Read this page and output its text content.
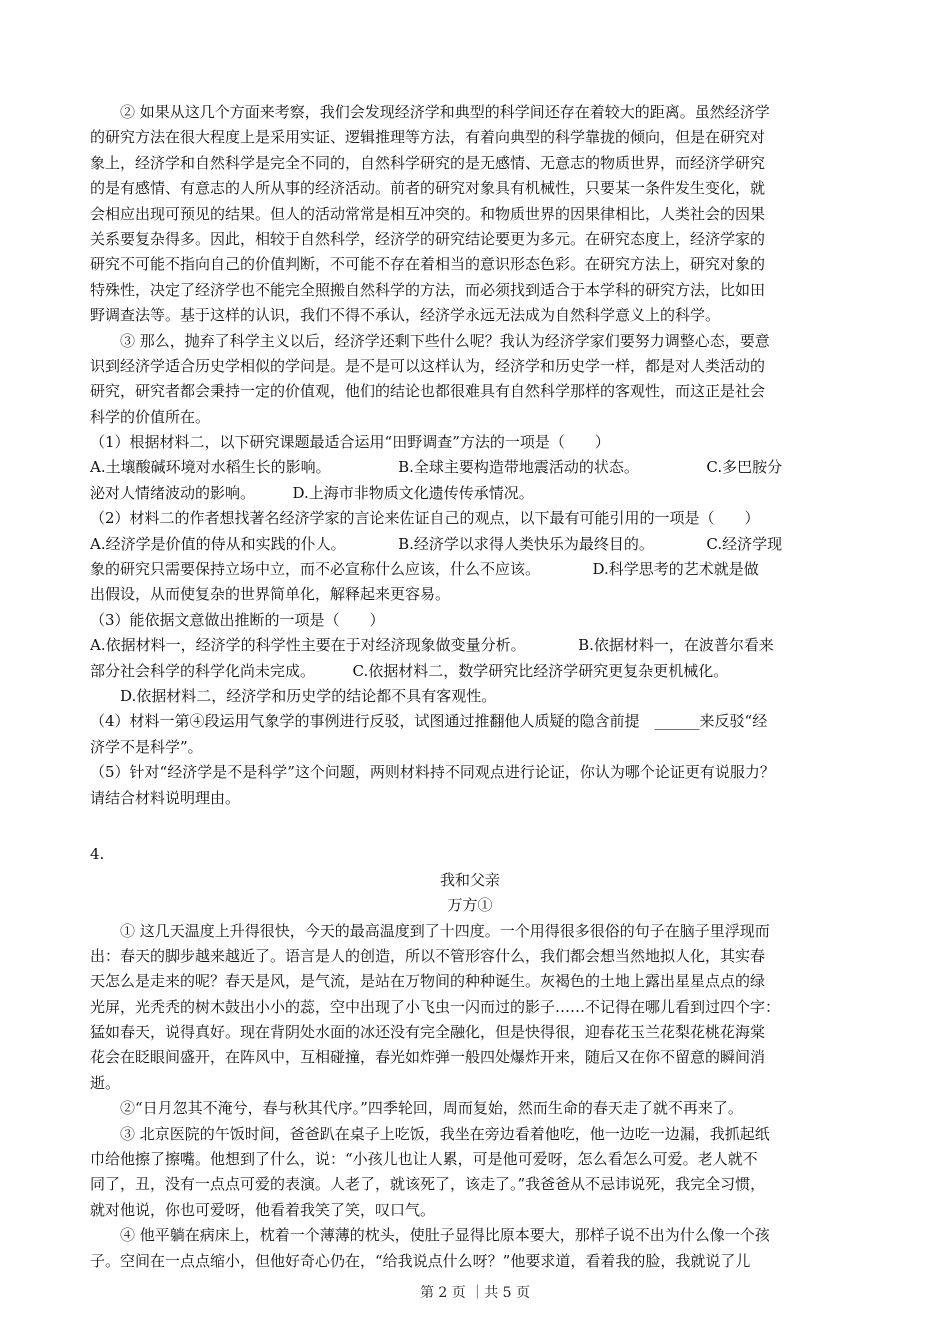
② 如果从这几个方面来考察，我们会发现经济学和典型的科学间还存在着较大的距离。虽然经济学
的研究方法在很大程度上是采用实证、逻辑推理等方法，有着向典型的科学靠拢的倾向，但是在研究对
象上，经济学和自然科学是完全不同的，自然科学研究的是无感情、无意志的物质世界，而经济学研究
的是有感情、有意志的人所从事的经济活动。前者的研究对象具有机械性，只要某一条件发生变化，就
会相应出现可预见的结果。但人的活动常常是相互冲突的。和物质世界的因果律相比，人类社会的因果
关系要复杂得多。因此，相较于自然科学，经济学的研究结论要更为多元。在研究态度上，经济学家的
研究不可能不指向自己的价值判断，不可能不存在着相当的意识形态色彩。在研究方法上，研究对象的
特殊性，决定了经济学也不能完全照搬自然科学的方法，而必须找到适合于本学科的研究方法，比如田
野调查法等。基于这样的认识，我们不得不承认，经济学永远无法成为自然科学意义上的科学。
③ 那么，抛弃了科学主义以后，经济学还剩下些什么呢？我认为经济学家们要努力调整心态，要意
识到经济学适合历史学相似的学问是。是不是可以这样认为，经济学和历史学一样，都是对人类活动的
研究，研究者都会秉持一定的价值观，他们的结论也都很难具有自然科学那样的客观性，而这正是社会
科学的价值所在。
（1）根据材料二，以下研究课题最适合运用“田野调查”方法的一项是（　　）
A.土壤酸碱环境对水稻生长的影响。　　　　　B.全球主要构造带地震活动的状态。　　　　　C.多巴胺分
泌对人情绪波动的影响。　　　D.上海市非物质文化遗传传承情况。
（2）材料二的作者想找著名经济学家的言论来佐证自己的观点，以下最有可能引用的一项是（　　）
A.经济学是价值的侍从和实践的仆人。　　　　B.经济学以求得人类快乐为最终目的。　　　　C.经济学现
象的研究只需要保持立场中立，而不必宣称什么应该，什么不应该。　　　　D.科学思考的艺术就是做
出假设，从而使复杂的世界简单化，解释起来更容易。
（3）能依据文意做出推断的一项是（　　）
A.依据材料一，经济学的科学性主要在于对经济现象做变量分析。　　　　B.依据材料一，在波普尔看来
部分社会科学的科学化尚未完成。　　　C.依据材料二，数学研究比经济学研究更复杂更机械化。
D.依据材料二，经济学和历史学的结论都不具有客观性。
（4）材料一第④段运用气象学的事例进行反驳，试图通过推翻他人质疑的隐含前提　______来反驳“经
济学不是科学”。
（5）针对“经济学是不是科学”这个问题，两则材料持不同观点进行论证，你认为哪个论证更有说服力？
请结合材料说明理由。
4.
我和父亲
万方①
① 这几天温度上升得很快，今天的最高温度到了十四度。一个用得很多很俗的句子在脑子里浮现而
出：春天的脚步越来越近了。语言是人的创造，所以不管形容什么，我们都会想当然地拟人化，其实春
天怎么是走来的呢？春天是风，是气流，是站在万物间的种种诞生。灰褐色的土地上露出星星点点的绿
光屏，光秃秃的树木鼓出小小的蕊，空中出现了小飞虫一闪而过的影子……不记得在哪儿看到过四个字：
猛如春天，说得真好。现在背阴处水面的冰还没有完全融化，但是快得很，迎春花玉兰花梨花桃花海棠
花会在眨眼间盛开，在阵风中，互相碰撞，春光如炸弹一般四处爆炸开来，随后又在你不留意的瞬间消
逝。
②“日月忽其不淹兮，春与秋其代序。”四季轮回，周而复始，然而生命的春天走了就不再来了。
③ 北京医院的午饭时间，爸爸趴在桌子上吃饭，我坐在旁边看着他吃，他一边吃一边漏，我抓起纸
巾给他擦了擦嘴。他想到了什么，说：“小孩儿也让人累，可是他可爱呀，怎么看怎么可爱。老人就不
同了，丑，没有一点点可爱的表演。人老了，就该死了，该走了。”我爸爸从不忌讳说死，我完全习惯，
就对他说，你也可爱呀，他看着我笑了笑，叹口气。
④ 他平躺在病床上，枕着一个薄薄的枕头，使肚子显得比原本要大，那样子说不出为什么像一个孩
子。空间在一点点缩小，但他好奇心仍在，“给我说点什么呀？”他要求道，看着我的脸，我就说了儿
第 2 页 ｜共 5 页
